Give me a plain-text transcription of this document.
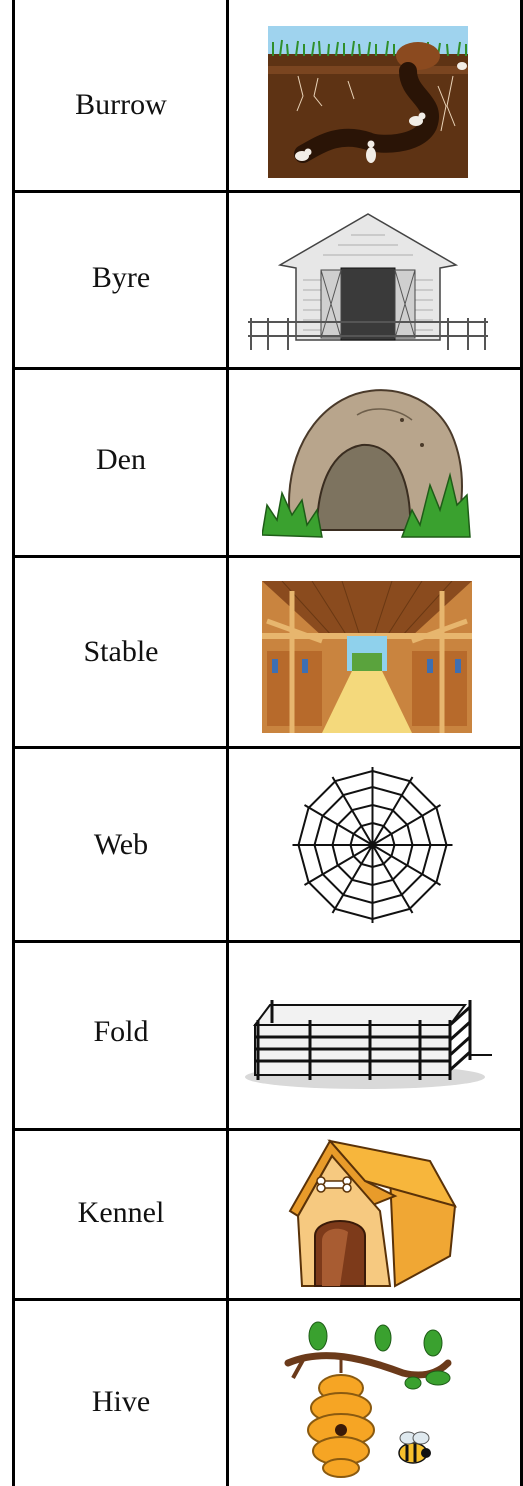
Burrow
Byre
Den
Stable
Web
Fold
Kennel
Hive
